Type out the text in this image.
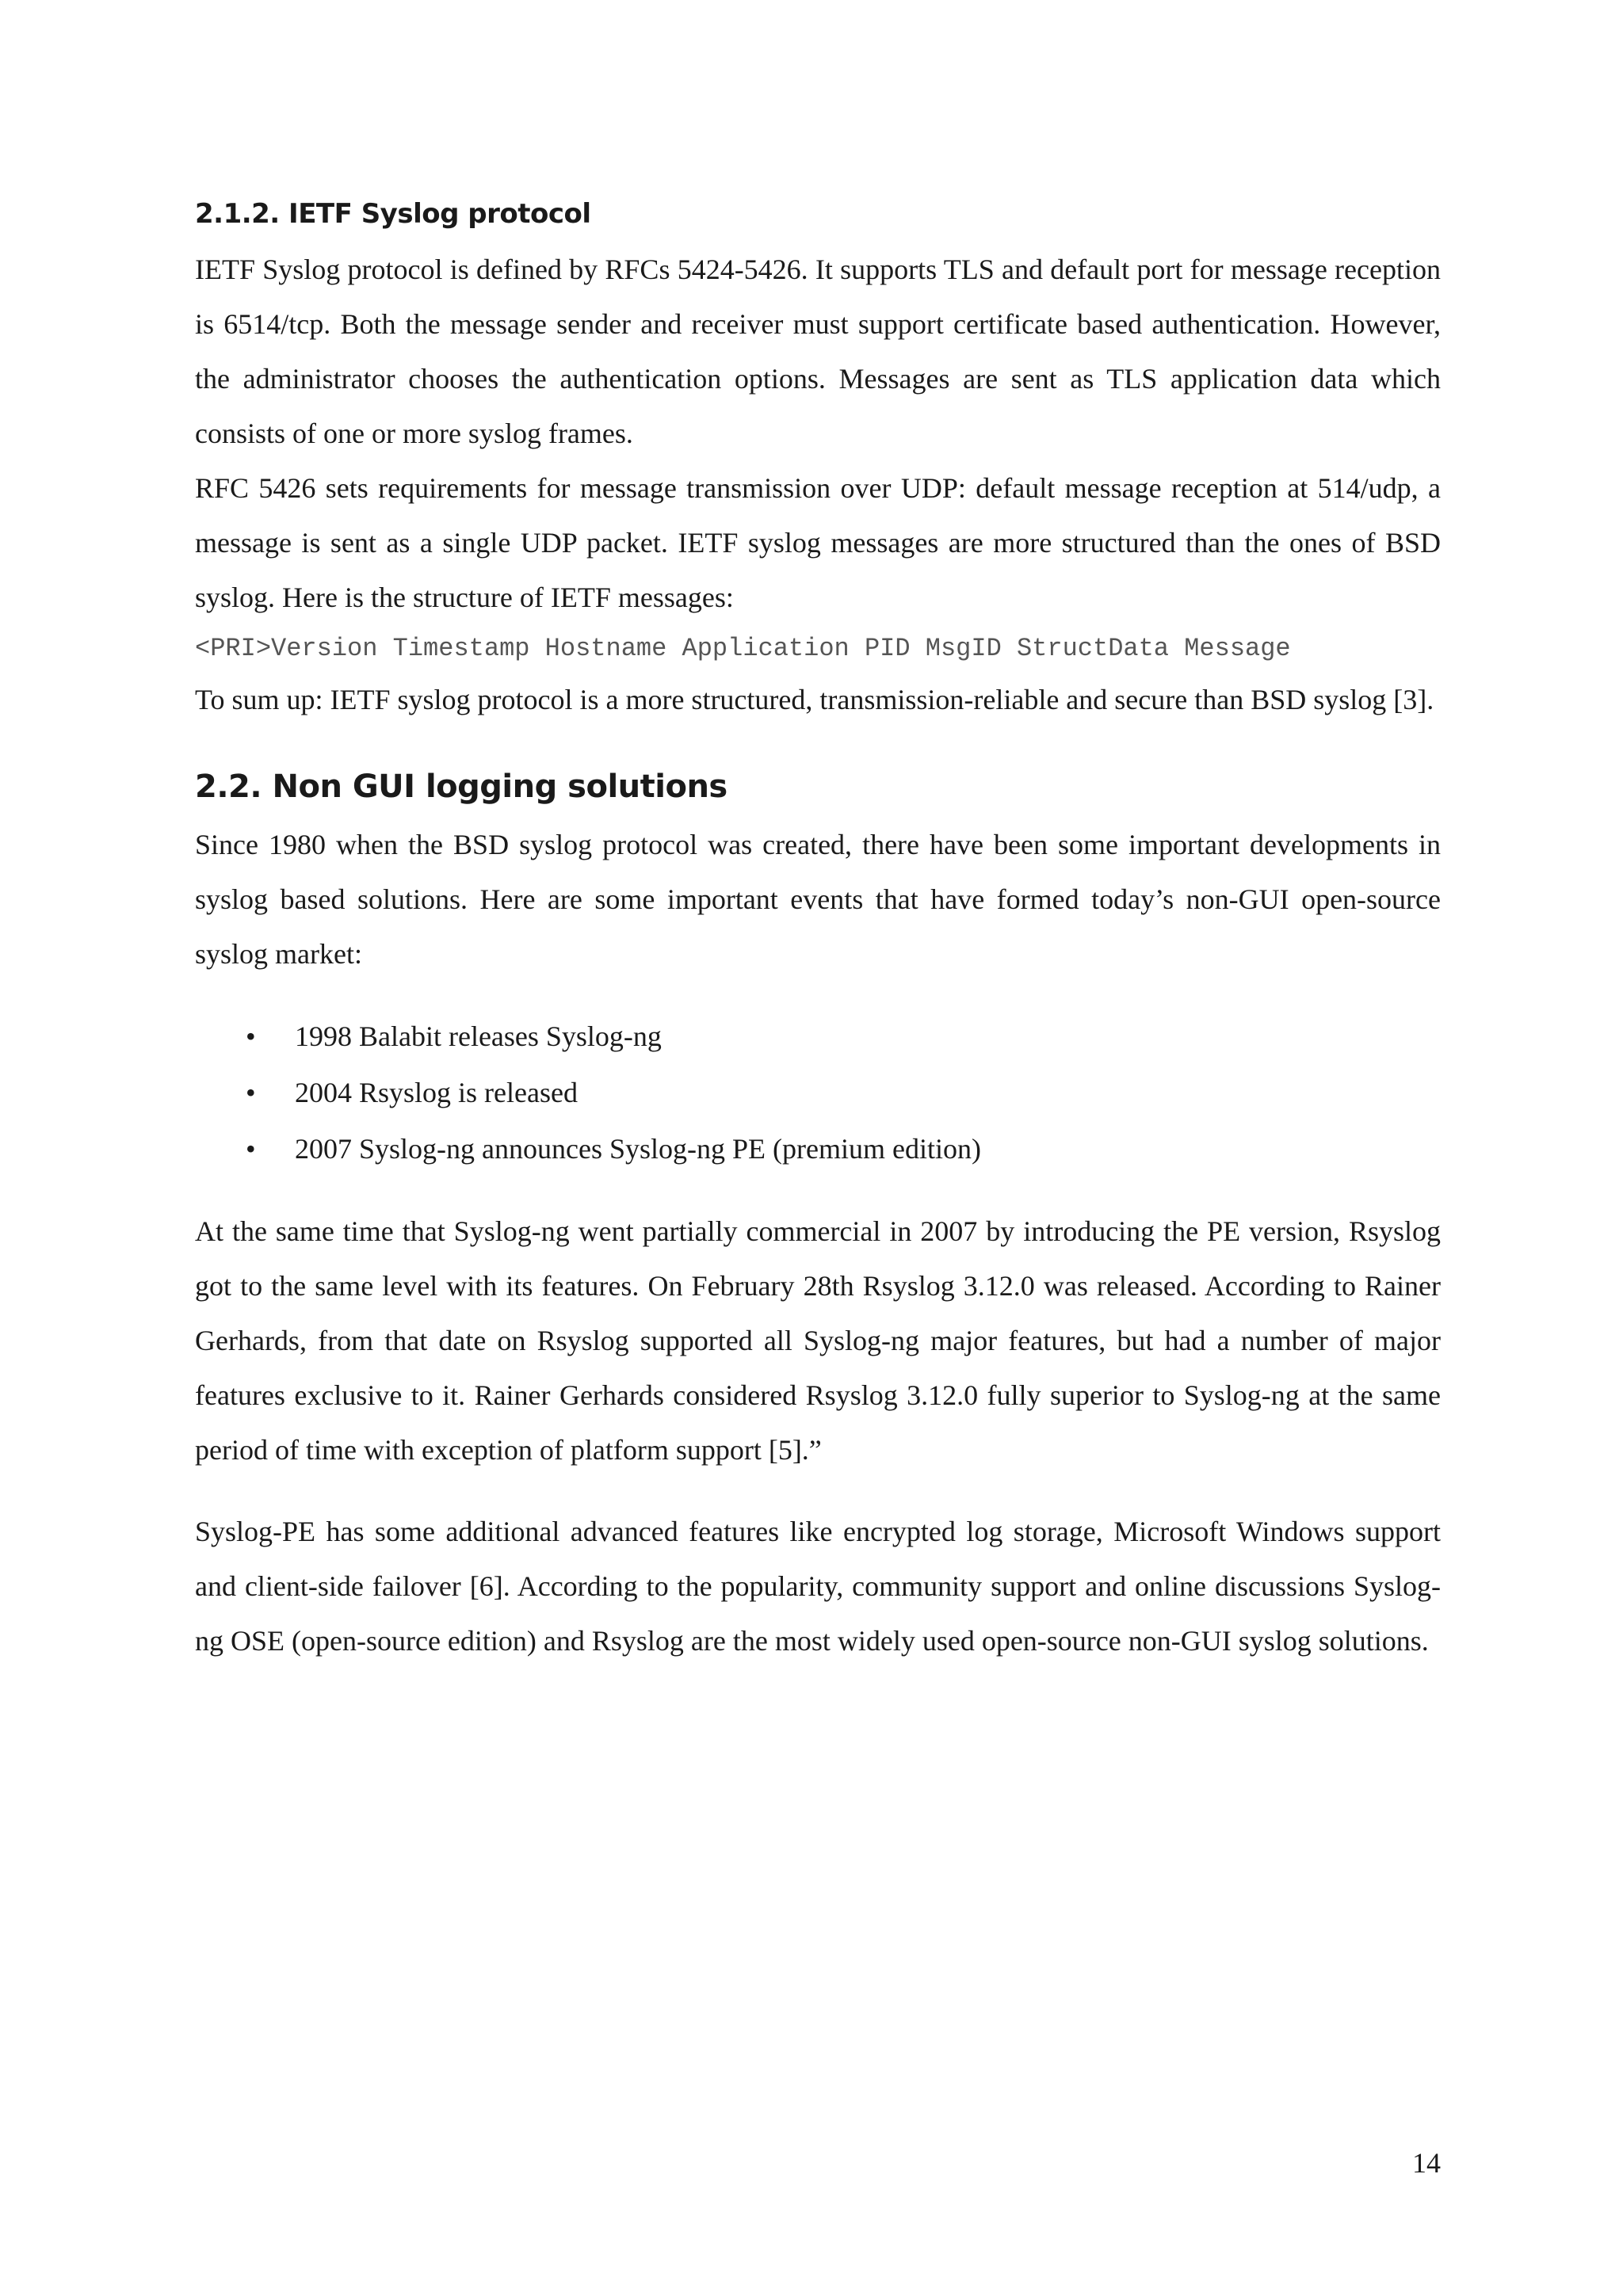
2.1.2. IETF Syslog protocol

IETF Syslog protocol is defined by RFCs 5424-5426. It supports TLS and default port for message reception is 6514/tcp. Both the message sender and receiver must support certificate based authentication. However, the administrator chooses the authentication options. Messages are sent as TLS application data which consists of one or more syslog frames.

RFC 5426 sets requirements for message transmission over UDP: default message reception at 514/udp, a message is sent as a single UDP packet. IETF syslog messages are more structured than the ones of BSD syslog. Here is the structure of IETF messages:

<PRI>Version Timestamp Hostname Application PID MsgID StructData Message

To sum up: IETF syslog protocol is a more structured, transmission-reliable and secure than BSD syslog [3].

2.2. Non GUI logging solutions

Since 1980 when the BSD syslog protocol was created, there have been some important developments in syslog based solutions. Here are some important events that have formed today’s non-GUI open-source syslog market:

• 1998 Balabit releases Syslog-ng
• 2004 Rsyslog is released
• 2007 Syslog-ng announces Syslog-ng PE (premium edition)

At the same time that Syslog-ng went partially commercial in 2007 by introducing the PE version, Rsyslog got to the same level with its features. On February 28th Rsyslog 3.12.0 was released. According to Rainer Gerhards, from that date on Rsyslog supported all Syslog-ng major features, but had a number of major features exclusive to it. Rainer Gerhards considered Rsyslog 3.12.0 fully superior to Syslog-ng at the same period of time with exception of platform support [5].”

Syslog-PE has some additional advanced features like encrypted log storage, Microsoft Windows support and client-side failover [6]. According to the popularity, community support and online discussions Syslog-ng OSE (open-source edition) and Rsyslog are the most widely used open-source non-GUI syslog solutions.

14
